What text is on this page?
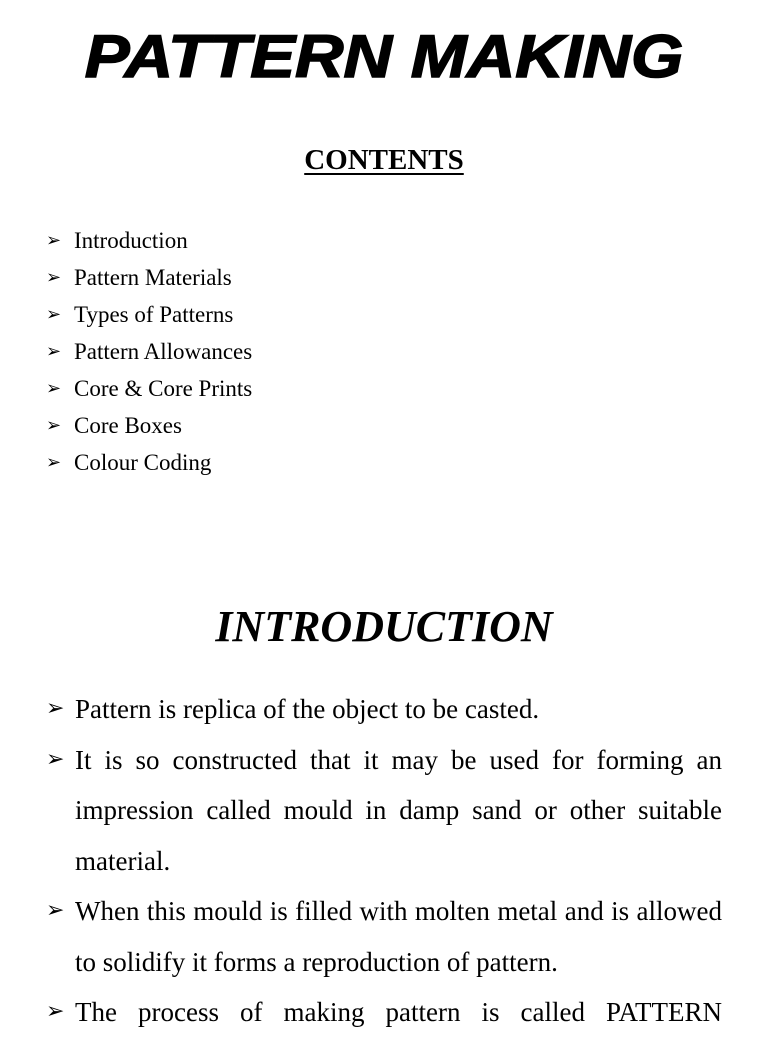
PATTERN MAKING
CONTENTS
➢ Introduction
➢ Pattern Materials
➢ Types of Patterns
➢ Pattern Allowances
➢ Core & Core Prints
➢ Core Boxes
➢ Colour Coding
INTRODUCTION
➢ Pattern is replica of the object to be casted.
➢ It is so constructed that it may be used for forming an impression called mould in damp sand or other suitable material.
➢ When this mould is filled with molten metal and is allowed to solidify it forms a reproduction of pattern.
➢ The process of making pattern is called PATTERN
